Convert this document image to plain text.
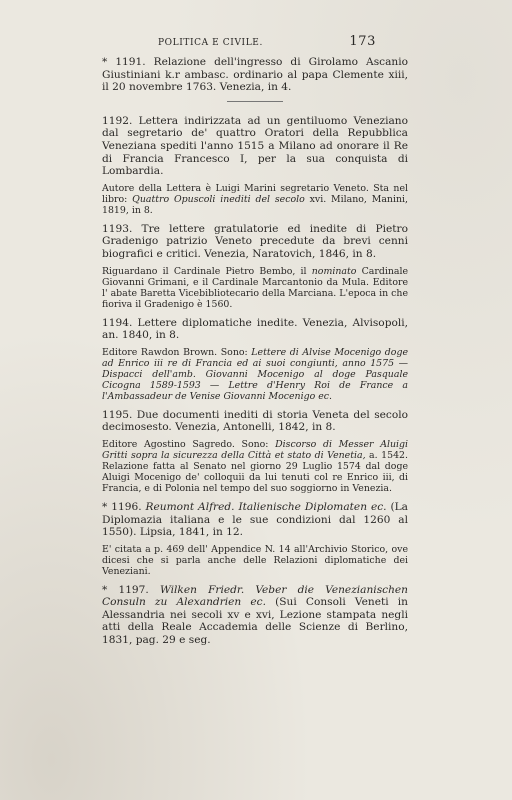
POLITICA E CIVILE.	173

* 1191. Relazione dell'ingresso di Girolamo Ascanio Giustiniani k.r ambasc. ordinario al papa Clemente xiii, il 20 novembre 1763. Venezia, in 4.

1192. Lettera indirizzata ad un gentiluomo Veneziano dal segretario de' quattro Oratori della Repubblica Veneziana spediti l'anno 1515 a Milano ad onorare il Re di Francia Francesco I, per la sua conquista di Lombardia.

Autore della Lettera è Luigi Marini segretario Veneto. Sta nel libro: Quattro Opuscoli inediti del secolo xvi. Milano, Manini, 1819, in 8.

1193. Tre lettere gratulatorie ed inedite di Pietro Gradenigo patrizio Veneto precedute da brevi cenni biografici e critici. Venezia, Naratovich, 1846, in 8.

Riguardano il Cardinale Pietro Bembo, il nominato Cardinale Giovanni Grimani, e il Cardinale Marcantonio da Mula. Editore l' abate Baretta Vicebibliotecario della Marciana. L'epoca in che fioriva il Gradenigo è 1560.

1194. Lettere diplomatiche inedite. Venezia, Alvisopoli, an. 1840, in 8.

Editore Rawdon Brown. Sono: Lettere di Alvise Mocenigo doge ad Enrico iii re di Francia ed ai suoi congiunti, anno 1575 — Dispacci dell'amb. Giovanni Mocenigo al doge Pasquale Cicogna 1589-1593 — Lettre d'Henry Roi de France a l'Ambassadeur de Venise Giovanni Mocenigo ec.

1195. Due documenti inediti di storia Veneta del secolo decimosesto. Venezia, Antonelli, 1842, in 8.

Editore Agostino Sagredo. Sono: Discorso di Messer Aluigi Gritti sopra la sicurezza della Città et stato di Venetia, a. 1542. Relazione fatta al Senato nel giorno 29 Luglio 1574 dal doge Aluigi Mocenigo de' colloquii da lui tenuti col re Enrico iii, di Francia, e di Polonia nel tempo del suo soggiorno in Venezia.

* 1196. Reumont Alfred. Italienische Diplomaten ec. (La Diplomazia italiana e le sue condizioni dal 1260 al 1550). Lipsia, 1841, in 12.

E' citata a p. 469 dell' Appendice N. 14 all'Archivio Storico, ove dicesi che si parla anche delle Relazioni diplomatiche dei Veneziani.

* 1197. Wilken Friedr. Veber die Venezianischen Consuln zu Alexandrien ec. (Sui Consoli Veneti in Alessandria nei secoli xv e xvi, Lezione stampata negli atti della Reale Accademia delle Scienze di Berlino, 1831, pag. 29 e seg.
